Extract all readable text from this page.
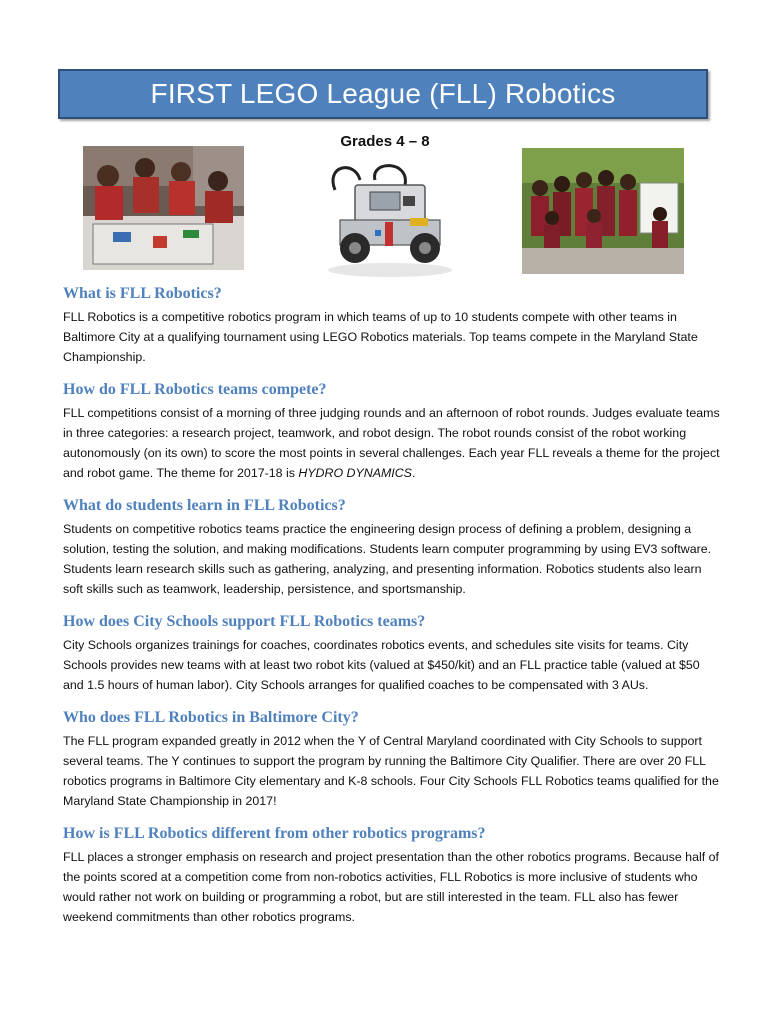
FIRST LEGO League (FLL) Robotics
Grades 4 – 8
What is FLL Robotics?

FLL Robotics is a competitive robotics program in which teams of up to 10 students compete with other teams in Baltimore City at a qualifying tournament using LEGO Robotics materials. Top teams compete in the Maryland State Championship.

How do FLL Robotics teams compete?

FLL competitions consist of a morning of three judging rounds and an afternoon of robot rounds. Judges evaluate teams in three categories: a research project, teamwork, and robot design. The robot rounds consist of the robot working autonomously (on its own) to score the most points in several challenges. Each year FLL reveals a theme for the project and robot game. The theme for 2017-18 is HYDRO DYNAMICS.

What do students learn in FLL Robotics?

Students on competitive robotics teams practice the engineering design process of defining a problem, designing a solution, testing the solution, and making modifications. Students learn computer programming by using EV3 software. Students learn research skills such as gathering, analyzing, and presenting information. Robotics students also learn soft skills such as teamwork, leadership, persistence, and sportsmanship.

How does City Schools support FLL Robotics teams?

City Schools organizes trainings for coaches, coordinates robotics events, and schedules site visits for teams. City Schools provides new teams with at least two robot kits (valued at $450/kit) and an FLL practice table (valued at $50 and 1.5 hours of human labor). City Schools arranges for qualified coaches to be compensated with 3 AUs.

Who does FLL Robotics in Baltimore City?

The FLL program expanded greatly in 2012 when the Y of Central Maryland coordinated with City Schools to support several teams. The Y continues to support the program by running the Baltimore City Qualifier. There are over 20 FLL robotics programs in Baltimore City elementary and K-8 schools. Four City Schools FLL Robotics teams qualified for the Maryland State Championship in 2017!

How is FLL Robotics different from other robotics programs?

FLL places a stronger emphasis on research and project presentation than the other robotics programs. Because half of the points scored at a competition come from non-robotics activities, FLL Robotics is more inclusive of students who would rather not work on building or programming a robot, but are still interested in the team. FLL also has fewer weekend commitments than other robotics programs.
